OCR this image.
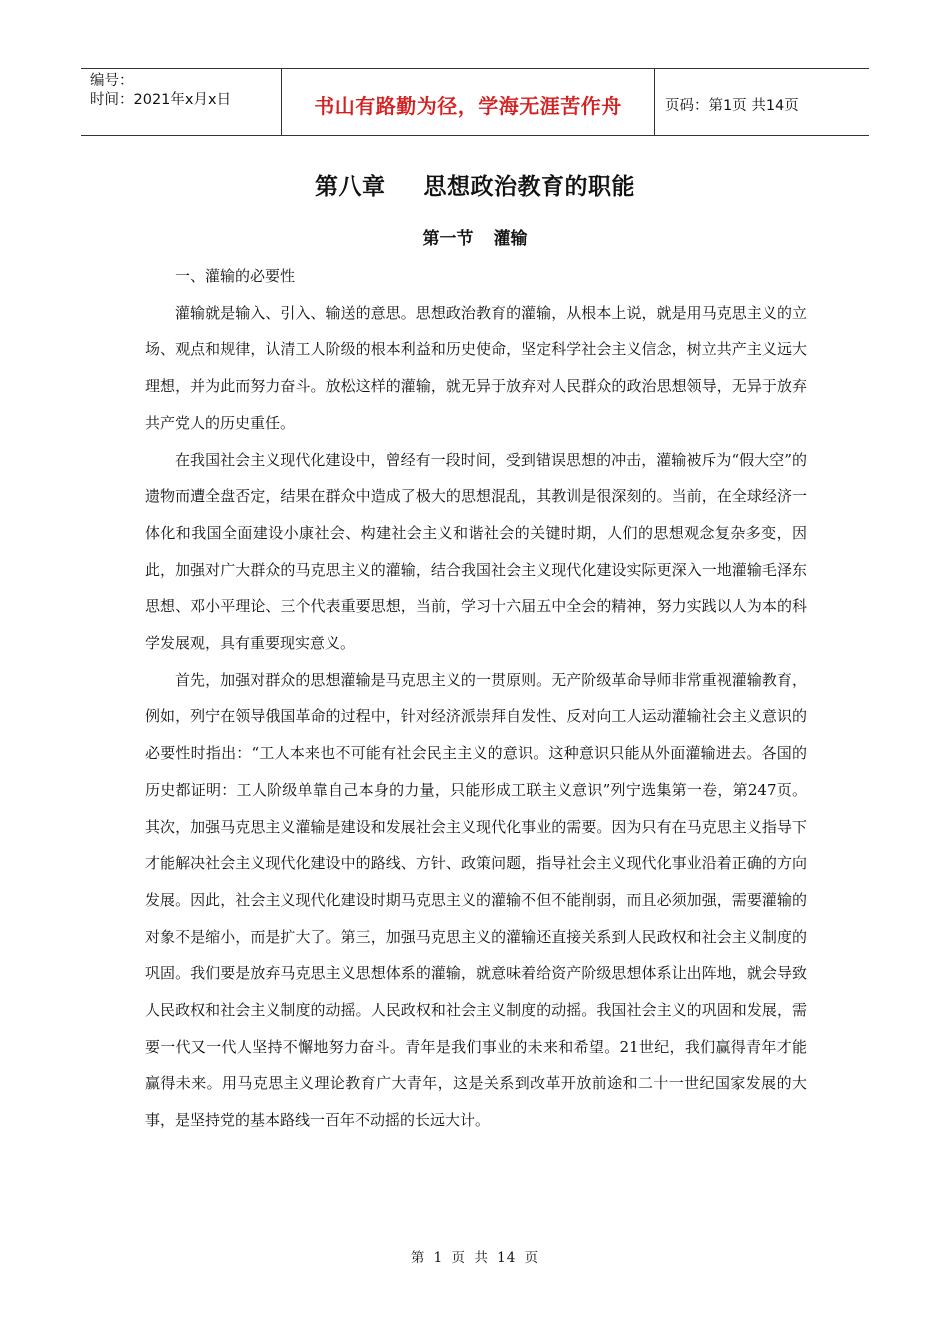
编号：
时间：2021年x月x日	书山有路勤为径，学海无涯苦作舟	页码：第1页 共14页
第八章 思想政治教育的职能
第一节 灌输

一、灌输的必要性

灌输就是输入、引入、输送的意思。思想政治教育的灌输，从根本上说，就是用马克思主义的立场、观点和规律，认清工人阶级的根本利益和历史使命，坚定科学社会主义信念，树立共产主义远大理想，并为此而努力奋斗。放松这样的灌输，就无异于放弃对人民群众的政治思想领导，无异于放弃共产党人的历史重任。

在我国社会主义现代化建设中，曾经有一段时间，受到错误思想的冲击，灌输被斥为“假大空”的遗物而遭全盘否定，结果在群众中造成了极大的思想混乱，其教训是很深刻的。当前，在全球经济一体化和我国全面建设小康社会、构建社会主义和谐社会的关键时期，人们的思想观念复杂多变，因此，加强对广大群众的马克思主义的灌输，结合我国社会主义现代化建设实际更深入一地灌输毛泽东思想、邓小平理论、三个代表重要思想，当前，学习十六届五中全会的精神，努力实践以人为本的科学发展观，具有重要现实意义。

首先，加强对群众的思想灌输是马克思主义的一贯原则。无产阶级革命导师非常重视灌输教育，例如，列宁在领导俄国革命的过程中，针对经济派崇拜自发性、反对向工人运动灌输社会主义意识的必要性时指出：“工人本来也不可能有社会民主主义的意识。这种意识只能从外面灌输进去。各国的历史都证明：工人阶级单靠自己本身的力量，只能形成工联主义意识”列宁选集第一卷，第247页。其次，加强马克思主义灌输是建设和发展社会主义现代化事业的需要。因为只有在马克思主义指导下才能解决社会主义现代化建设中的路线、方针、政策问题，指导社会主义现代化事业沿着正确的方向发展。因此，社会主义现代化建设时期马克思主义的灌输不但不能削弱，而且必须加强，需要灌输的对象不是缩小，而是扩大了。第三，加强马克思主义的灌输还直接关系到人民政权和社会主义制度的巩固。我们要是放弃马克思主义思想体系的灌输，就意味着给资产阶级思想体系让出阵地，就会导致人民政权和社会主义制度的动摇。人民政权和社会主义制度的动摇。我国社会主义的巩固和发展，需要一代又一代人坚持不懈地努力奋斗。青年是我们事业的未来和希望。21世纪，我们赢得青年才能赢得未来。用马克思主义理论教育广大青年，这是关系到改革开放前途和二十一世纪国家发展的大事，是坚持党的基本路线一百年不动摇的长远大计。

第 1 页 共 14 页
